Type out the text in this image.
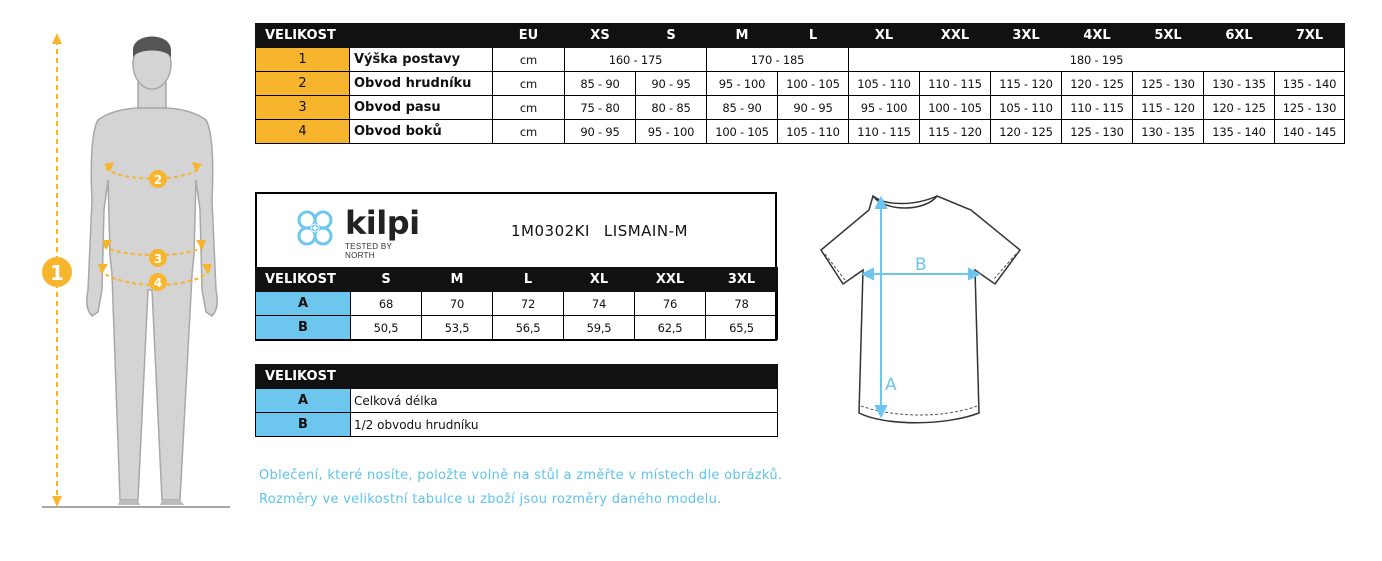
1
2
3
4
VELIKOST		EU	XS	S	M	L	XL	XXL	3XL	4XL	5XL	6XL	7XL
1	Výška postavy	cm	160 - 175		170 - 185		180 - 195						
2	Obvod hrudníku	cm	85 - 90	90 - 95	95 - 100	100 - 105	105 - 110	110 - 115	115 - 120	120 - 125	125 - 130	130 - 135	135 - 140
3	Obvod pasu	cm	75 - 80	80 - 85	85 - 90	90 - 95	95 - 100	100 - 105	105 - 110	110 - 115	115 - 120	120 - 125	125 - 130
4	Obvod boků	cm	90 - 95	95 - 100	100 - 105	105 - 110	110 - 115	115 - 120	120 - 125	125 - 130	130 - 135	135 - 140	140 - 145
kilpi
TESTED BY NORTH
1M0302KI LISMAIN-M
VELIKOST	S	M	L	XL	XXL	3XL
A	68	70	72	74	76	78
B	50,5	53,5	56,5	59,5	62,5	65,5
VELIKOST	
A	Celková délka
B	1/2 obvodu hrudníku
A
B
Oblečení, které nosíte, položte volně na stůl a změřte v místech dle obrázků.
Rozměry ve velikostní tabulce u zboží jsou rozměry daného modelu.
